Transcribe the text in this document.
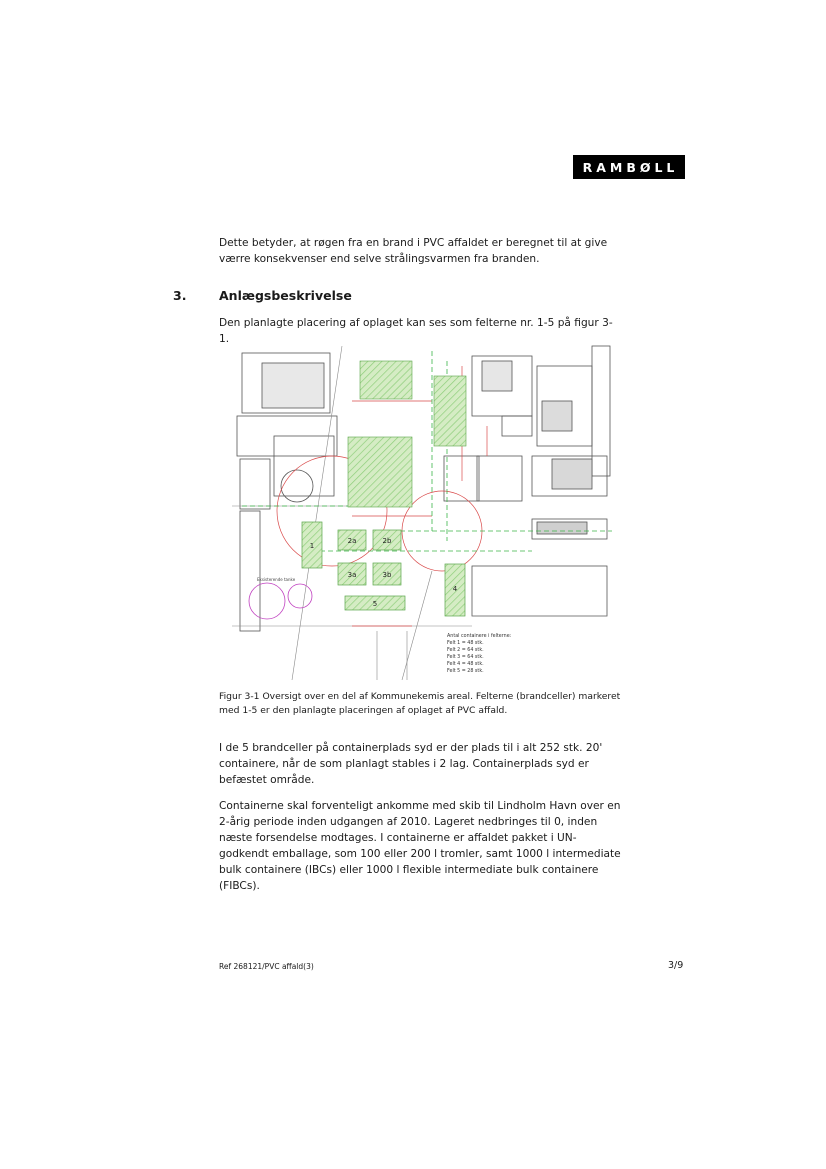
RAMBØLL
Dette betyder, at røgen fra en brand i PVC affaldet er beregnet til at give værre konsekvenser end selve strålingsvarmen fra branden.
3.	Anlægsbeskrivelse
Den planlagte placering af oplaget kan ses som felterne nr. 1-5 på figur 3-1.
Eksisterende tanke
1
2a	2b
3a	3b
4
5
Antal containere i felterne:
Felt 1 = 48 stk.
Felt 2 = 64 stk.
Felt 3 = 64 stk.
Felt 4 = 48 stk.
Felt 5 = 28 stk.
Figur 3-1 Oversigt over en del af Kommunekemis areal. Felterne (brandceller) markeret med 1-5 er den planlagte placeringen af oplaget af PVC affald.
I de 5 brandceller på containerplads syd er der plads til i alt 252 stk. 20' containere, når de som planlagt stables i 2 lag. Containerplads syd er befæstet område.
Containerne skal forventeligt ankomme med skib til Lindholm Havn over en 2-årig periode inden udgangen af 2010. Lageret nedbringes til 0, inden næste forsendelse modtages. I containerne er affaldet pakket i UN-godkendt emballage, som 100 eller 200 l tromler, samt 1000 l intermediate bulk containere (IBCs) eller 1000 l flexible intermediate bulk containere (FIBCs).
Ref 268121/PVC affald(3)	3/9
